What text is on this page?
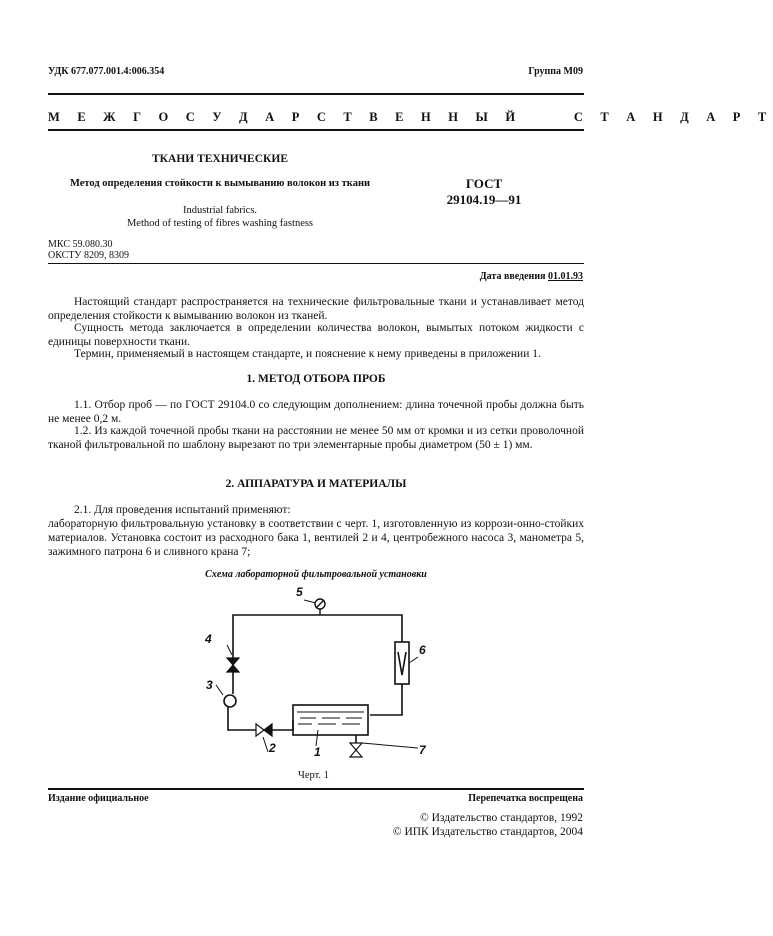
УДК 677.077.001.4:006.354	Группа М09
М Е Ж Г О С У Д А Р С Т В Е Н Н Ы Й     С Т А Н Д А Р Т
ТКАНИ ТЕХНИЧЕСКИЕ
Метод определения стойкости к вымыванию волокон из ткани
Industrial fabrics.
Method of testing of fibres washing fastness
ГОСТ
29104.19—91
МКС 59.080.30
ОКСТУ 8209, 8309
Дата введения 01.01.93
Настоящий стандарт распространяется на технические фильтровальные ткани и устанавливает метод определения стойкости к вымыванию волокон из тканей.
Сущность метода заключается в определении количества волокон, вымытых потоком жидкости с единицы поверхности ткани.
Термин, применяемый в настоящем стандарте, и пояснение к нему приведены в приложении 1.
1. МЕТОД ОТБОРА ПРОБ
1.1. Отбор проб — по ГОСТ 29104.0 со следующим дополнением: длина точечной пробы должна быть не менее 0,2 м.
1.2. Из каждой точечной пробы ткани на расстоянии не менее 50 мм от кромки и из сетки проволочной тканой фильтровальной по шаблону вырезают по три элементарные пробы диаметром (50 ± 1) мм.
2. АППАРАТУРА И МАТЕРИАЛЫ
2.1. Для проведения испытаний применяют:
лабораторную фильтровальную установку в соответствии с черт. 1, изготовленную из коррози-онно-стойких материалов. Установка состоит из расходного бака 1, вентилей 2 и 4, центробежного насоса 3, манометра 5, зажимного патрона 6 и сливного крана 7;
Схема лабораторной фильтровальной установки
5
6
4
3
2	1	7
Черт. 1
Издание официальное	Перепечатка воспрещена
© Издательство стандартов, 1992
© ИПК Издательство стандартов, 2004
